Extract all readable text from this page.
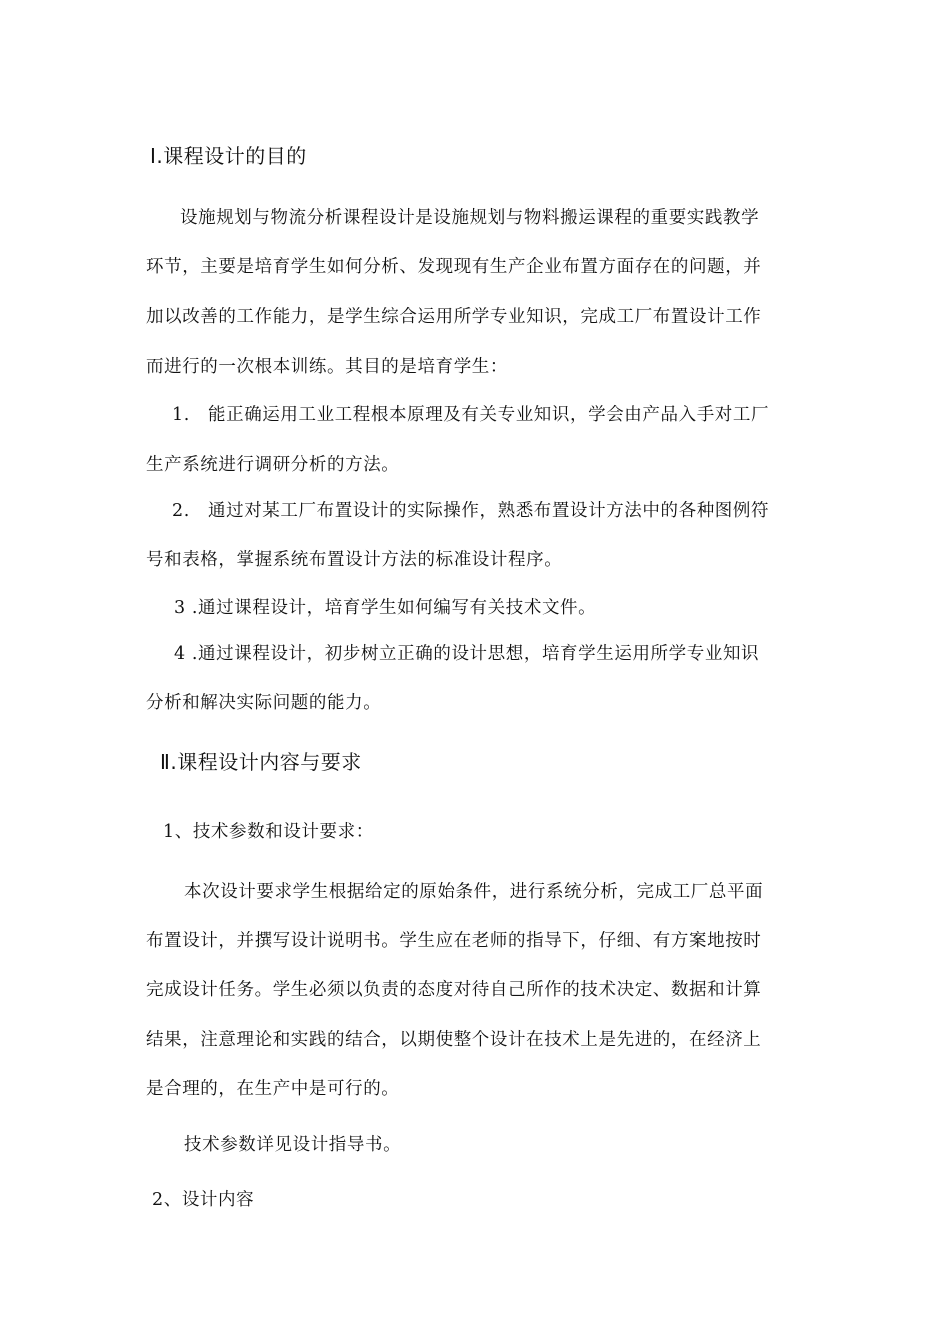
Ⅰ.课程设计的目的
设施规划与物流分析课程设计是设施规划与物料搬运课程的重要实践教学
环节，主要是培育学生如何分析、发现现有生产企业布置方面存在的问题，并
加以改善的工作能力，是学生综合运用所学专业知识，完成工厂布置设计工作
而进行的一次根本训练。其目的是培育学生：
1.　能正确运用工业工程根本原理及有关专业知识，学会由产品入手对工厂
生产系统进行调研分析的方法。
2.　通过对某工厂布置设计的实际操作，熟悉布置设计方法中的各种图例符
号和表格，掌握系统布置设计方法的标准设计程序。
3 .通过课程设计，培育学生如何编写有关技术文件。
4 .通过课程设计，初步树立正确的设计思想，培育学生运用所学专业知识
分析和解决实际问题的能力。
Ⅱ.课程设计内容与要求
1、技术参数和设计要求：
本次设计要求学生根据给定的原始条件，进行系统分析，完成工厂总平面
布置设计，并撰写设计说明书。学生应在老师的指导下，仔细、有方案地按时
完成设计任务。学生必须以负责的态度对待自己所作的技术决定、数据和计算
结果，注意理论和实践的结合，以期使整个设计在技术上是先进的，在经济上
是合理的，在生产中是可行的。
技术参数详见设计指导书。
2、设计内容
